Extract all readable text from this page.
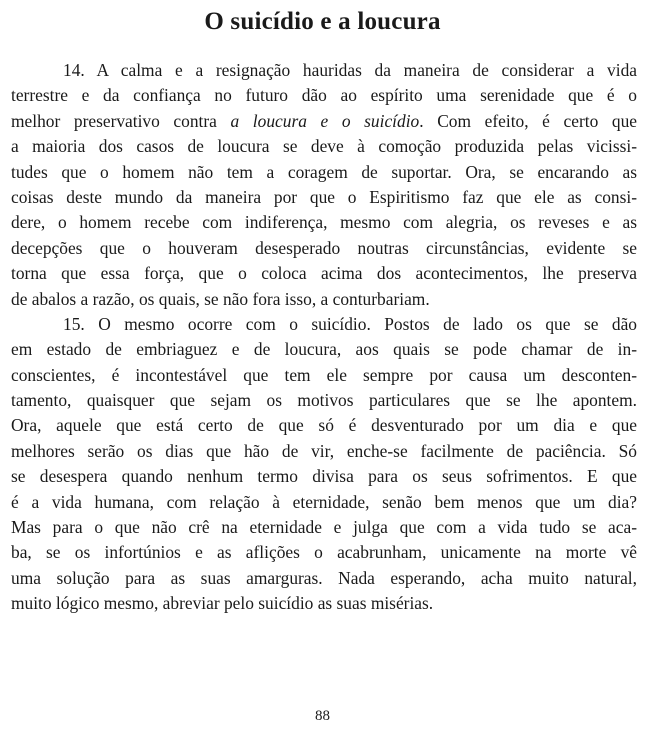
O suicídio e a loucura
14. A calma e a resignação hauridas da maneira de considerar a vida
terrestre e da confiança no futuro dão ao espírito uma serenidade que é o
melhor preservativo contra a loucura e o suicídio. Com efeito, é certo que
a maioria dos casos de loucura se deve à comoção produzida pelas vicissi-
tudes que o homem não tem a coragem de suportar. Ora, se encarando as
coisas deste mundo da maneira por que o Espiritismo faz que ele as consi-
dere, o homem recebe com indiferença, mesmo com alegria, os reveses e as
decepções que o houveram desesperado noutras circunstâncias, evidente se
torna que essa força, que o coloca acima dos acontecimentos, lhe preserva
de abalos a razão, os quais, se não fora isso, a conturbariam.
15. O mesmo ocorre com o suicídio. Postos de lado os que se dão
em estado de embriaguez e de loucura, aos quais se pode chamar de in-
conscientes, é incontestável que tem ele sempre por causa um desconten-
tamento, quaisquer que sejam os motivos particulares que se lhe apontem.
Ora, aquele que está certo de que só é desventurado por um dia e que
melhores serão os dias que hão de vir, enche-se facilmente de paciência. Só
se desespera quando nenhum termo divisa para os seus sofrimentos. E que
é a vida humana, com relação à eternidade, senão bem menos que um dia?
Mas para o que não crê na eternidade e julga que com a vida tudo se aca-
ba, se os infortúnios e as aflições o acabrunham, unicamente na morte vê
uma solução para as suas amarguras. Nada esperando, acha muito natural,
muito lógico mesmo, abreviar pelo suicídio as suas misérias.
88
